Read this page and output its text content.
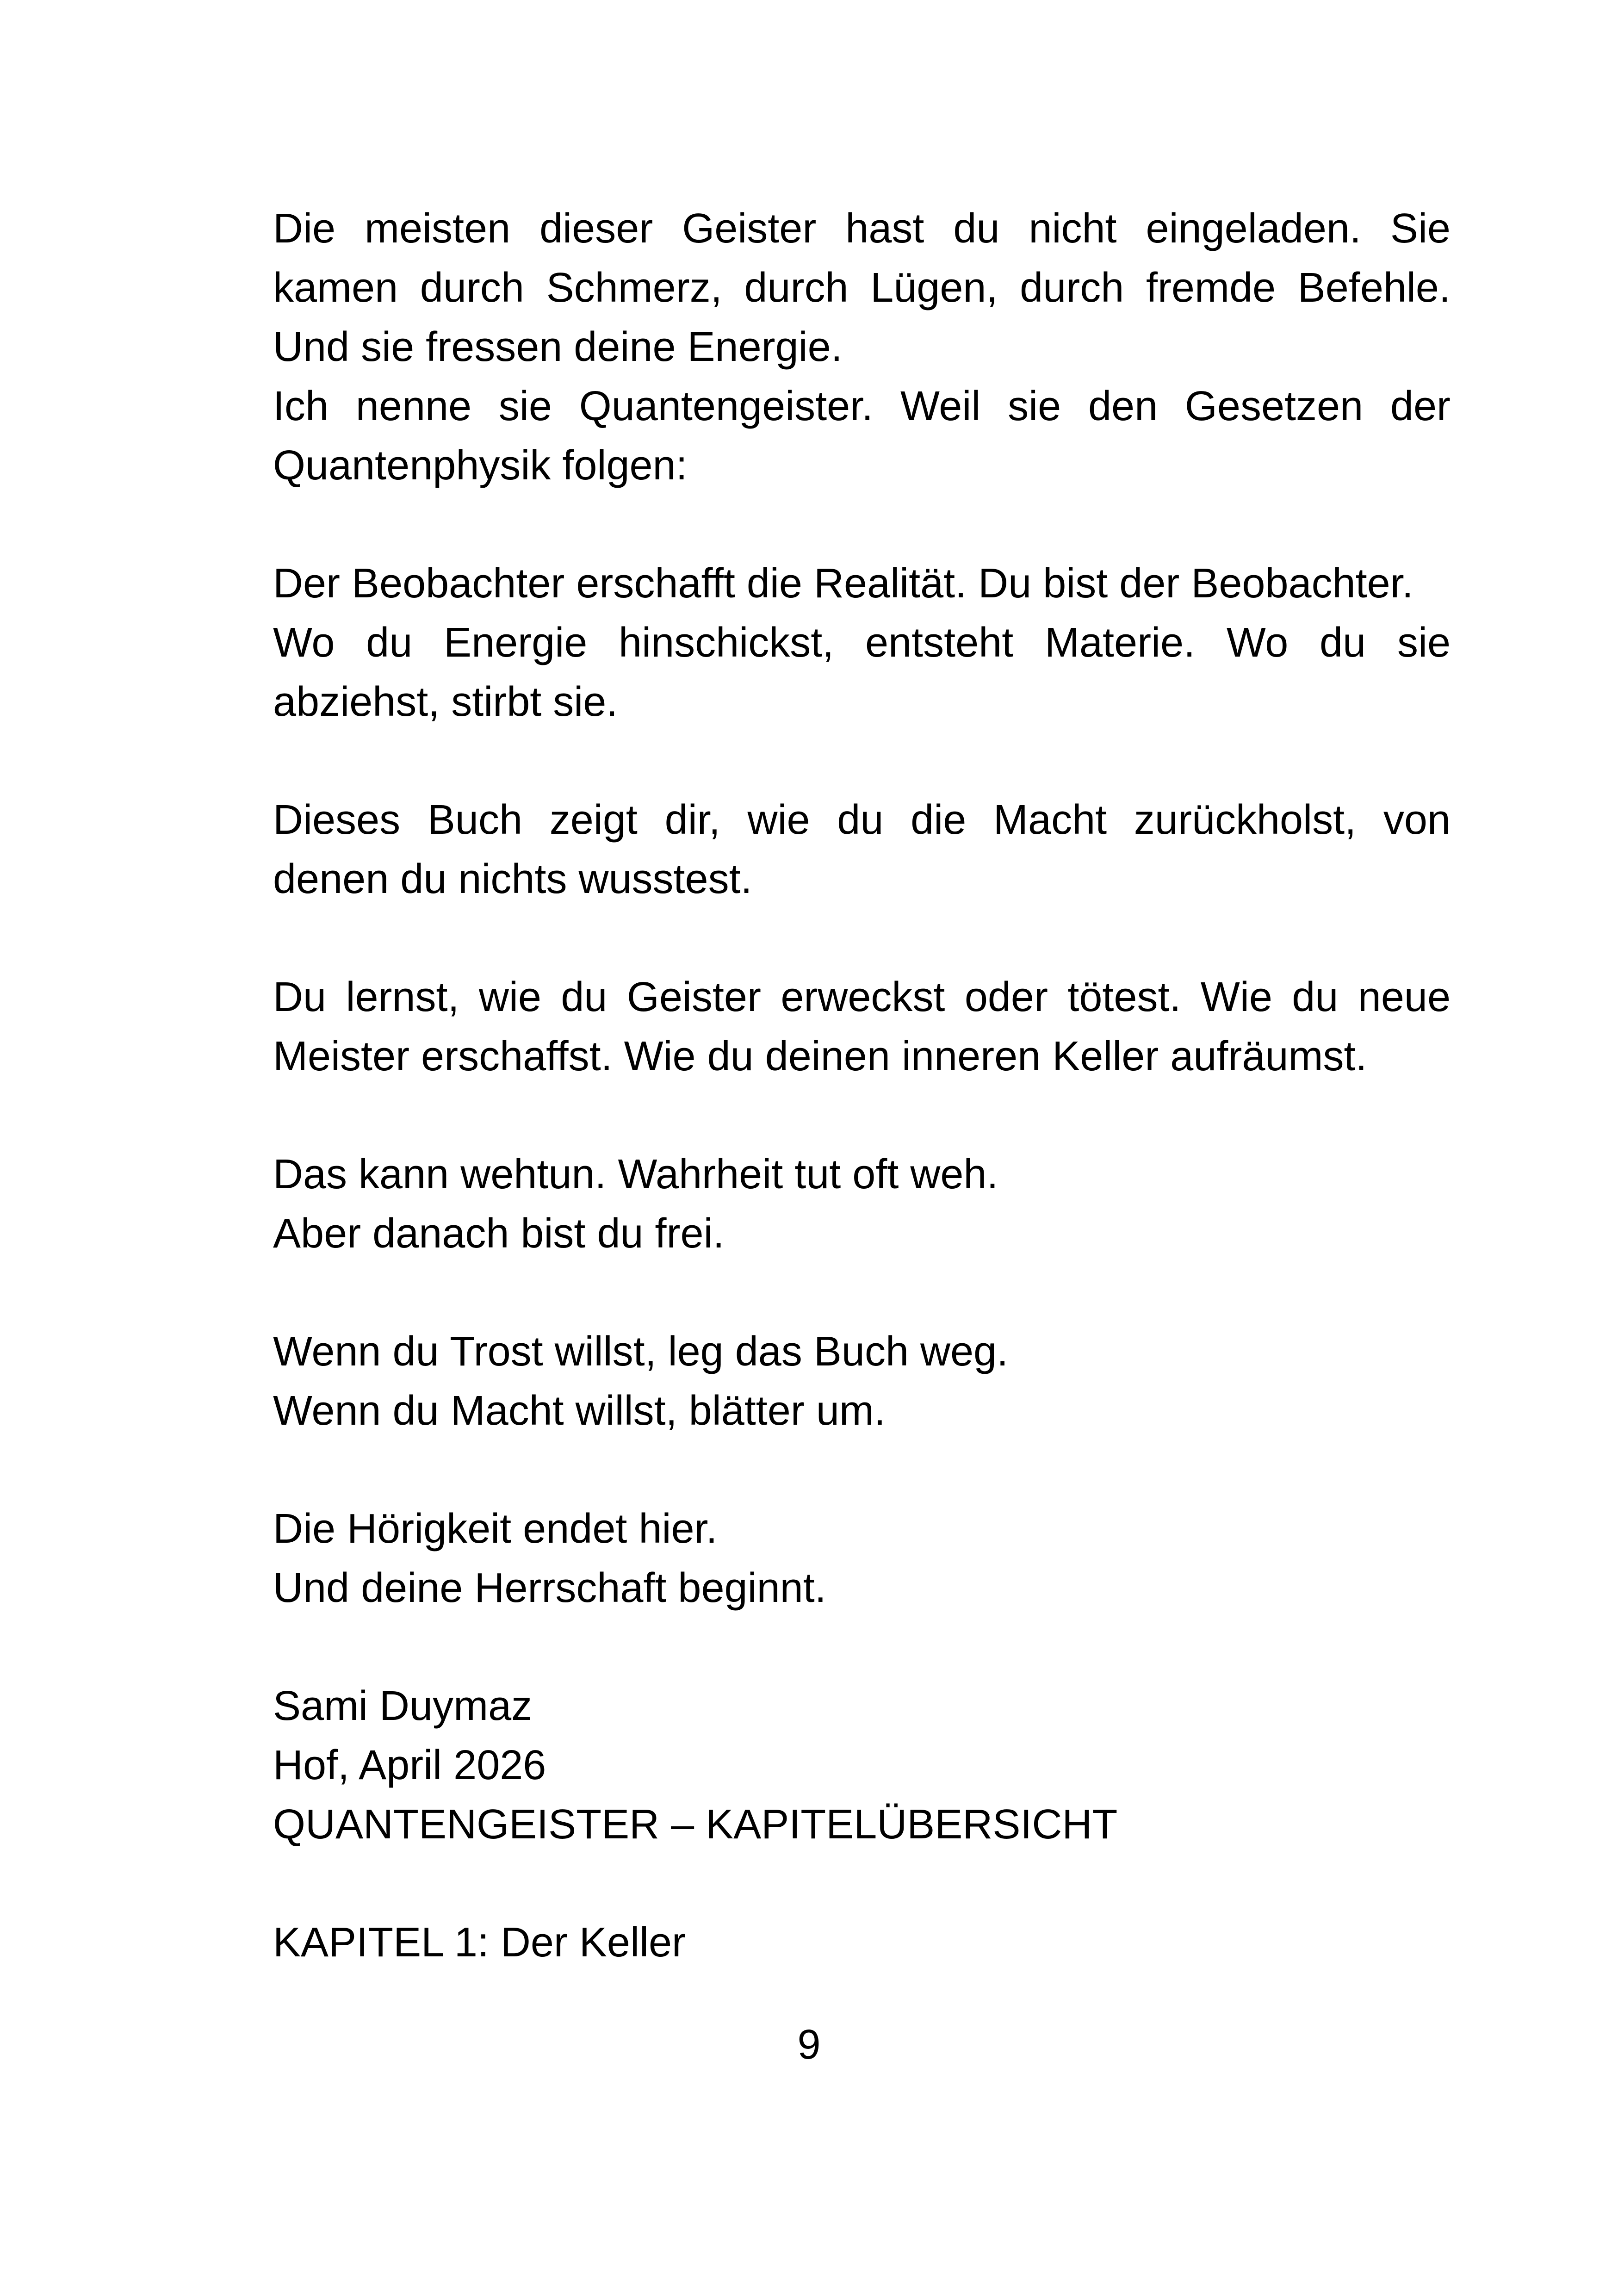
Die meisten dieser Geister hast du nicht eingeladen. Sie
kamen durch Schmerz, durch Lügen, durch fremde Befehle.
Und sie fressen deine Energie.
Ich nenne sie Quantengeister. Weil sie den Gesetzen der
Quantenphysik folgen:
Der Beobachter erschafft die Realität. Du bist der Beobachter.
Wo du Energie hinschickst, entsteht Materie. Wo du sie
abziehst, stirbt sie.
Dieses Buch zeigt dir, wie du die Macht zurückholst, von
denen du nichts wusstest.
Du lernst, wie du Geister erweckst oder tötest. Wie du neue
Meister erschaffst. Wie du deinen inneren Keller aufräumst.
Das kann wehtun. Wahrheit tut oft weh.
Aber danach bist du frei.
Wenn du Trost willst, leg das Buch weg.
Wenn du Macht willst, blätter um.
Die Hörigkeit endet hier.
Und deine Herrschaft beginnt.
Sami Duymaz
Hof, April 2026
QUANTENGEISTER – KAPITELÜBERSICHT
KAPITEL 1: Der Keller
9
